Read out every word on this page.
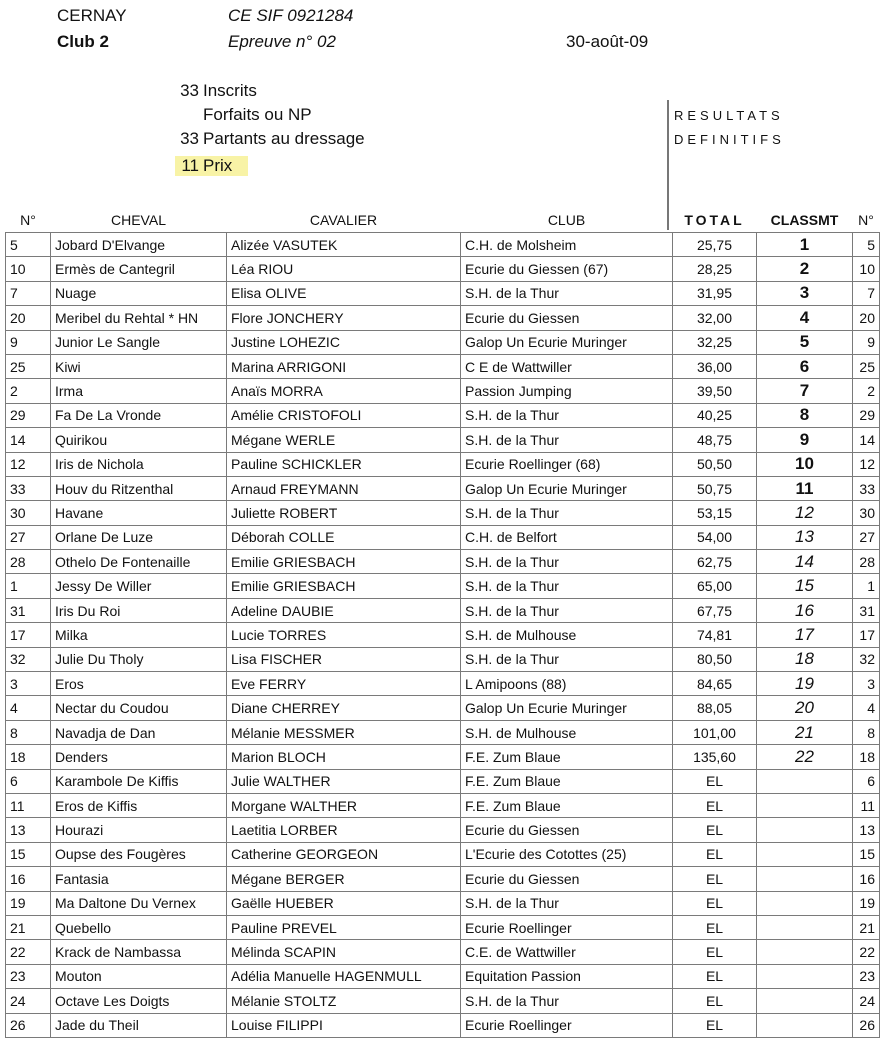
CERNAY
Club 2
CE SIF 0921284
Epreuve n° 02	30-août-09
33 Inscrits
Forfaits ou NP
33 Partants au dressage
11 Prix
RESULTATS
DEFINITIFS
N°	CHEVAL	CAVALIER	CLUB	TOTAL	CLASSMT	N°
5	Jobard D'Elvange	Alizée VASUTEK	C.H. de Molsheim	25,75	1	5
10	Ermès de Cantegril	Léa RIOU	Ecurie du Giessen (67)	28,25	2	10
7	Nuage	Elisa OLIVE	S.H. de la Thur	31,95	3	7
20	Meribel du Rehtal * HN	Flore JONCHERY	Ecurie du Giessen	32,00	4	20
9	Junior Le Sangle	Justine LOHEZIC	Galop Un Ecurie Muringer	32,25	5	9
25	Kiwi	Marina ARRIGONI	C E de Wattwiller	36,00	6	25
2	Irma	Anaïs MORRA	Passion Jumping	39,50	7	2
29	Fa De La Vronde	Amélie CRISTOFOLI	S.H. de la Thur	40,25	8	29
14	Quirikou	Mégane WERLE	S.H. de la Thur	48,75	9	14
12	Iris de Nichola	Pauline SCHICKLER	Ecurie Roellinger (68)	50,50	10	12
33	Houv du Ritzenthal	Arnaud FREYMANN	Galop Un Ecurie Muringer	50,75	11	33
30	Havane	Juliette ROBERT	S.H. de la Thur	53,15	12	30
27	Orlane De Luze	Déborah COLLE	C.H. de Belfort	54,00	13	27
28	Othelo De Fontenaille	Emilie GRIESBACH	S.H. de la Thur	62,75	14	28
1	Jessy De Willer	Emilie GRIESBACH	S.H. de la Thur	65,00	15	1
31	Iris Du Roi	Adeline DAUBIE	S.H. de la Thur	67,75	16	31
17	Milka	Lucie TORRES	S.H. de Mulhouse	74,81	17	17
32	Julie Du Tholy	Lisa FISCHER	S.H. de la Thur	80,50	18	32
3	Eros	Eve FERRY	L Amipoons (88)	84,65	19	3
4	Nectar du Coudou	Diane CHERREY	Galop Un Ecurie Muringer	88,05	20	4
8	Navadja de Dan	Mélanie MESSMER	S.H. de Mulhouse	101,00	21	8
18	Denders	Marion BLOCH	F.E. Zum Blaue	135,60	22	18
6	Karambole De Kiffis	Julie WALTHER	F.E. Zum Blaue	EL		6
11	Eros de Kiffis	Morgane WALTHER	F.E. Zum Blaue	EL		11
13	Hourazi	Laetitia LORBER	Ecurie du Giessen	EL		13
15	Oupse des Fougères	Catherine GEORGEON	L'Ecurie des Cotottes (25)	EL		15
16	Fantasia	Mégane BERGER	Ecurie du Giessen	EL		16
19	Ma Daltone Du Vernex	Gaëlle HUEBER	S.H. de la Thur	EL		19
21	Quebello	Pauline PREVEL	Ecurie Roellinger	EL		21
22	Krack de Nambassa	Mélinda SCAPIN	C.E. de Wattwiller	EL		22
23	Mouton	Adélia Manuelle HAGENMULL	Equitation Passion	EL		23
24	Octave Les Doigts	Mélanie STOLTZ	S.H. de la Thur	EL		24
26	Jade du Theil	Louise FILIPPI	Ecurie Roellinger	EL		26
